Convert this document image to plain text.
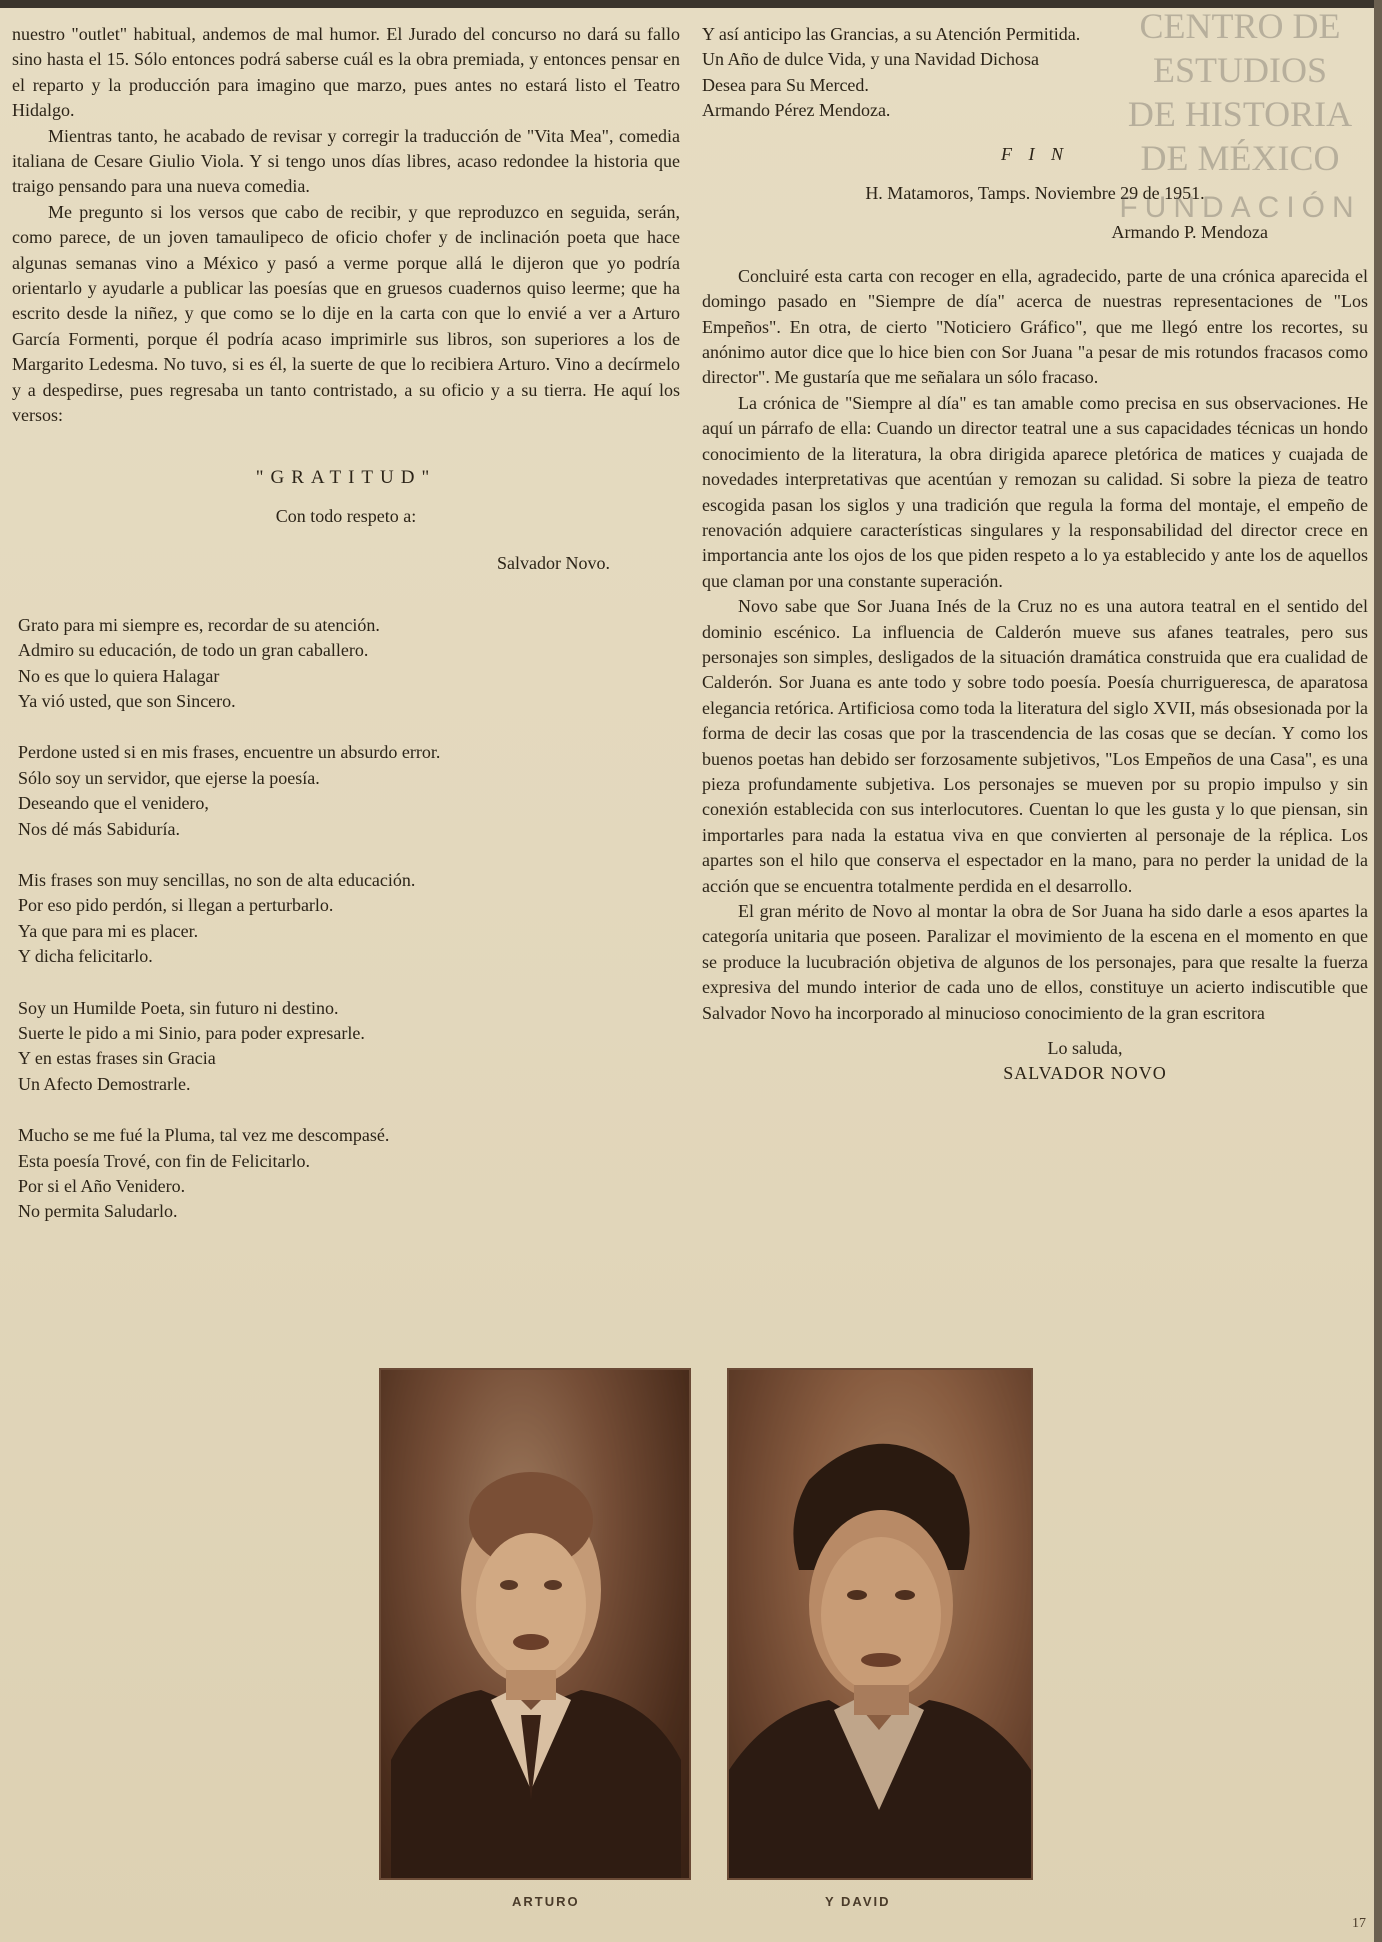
nuestro "outlet" habitual, andemos de mal humor. El Jurado del concurso no dará su fallo sino hasta el 15. Sólo entonces podrá saberse cuál es la obra premiada, y entonces pensar en el reparto y la producción para imagino que marzo, pues antes no estará listo el Teatro Hidalgo.

Mientras tanto, he acabado de revisar y corregir la traducción de "Vita Mea", comedia italiana de Cesare Giulio Viola. Y si tengo unos días libres, acaso redondee la historia que traigo pensando para una nueva comedia.

Me pregunto si los versos que cabo de recibir, y que reproduzco en seguida, serán, como parece, de un joven tamaulipeco de oficio chofer y de inclinación poeta que hace algunas semanas vino a México y pasó a verme porque allá le dijeron que yo podría orientarlo y ayudarle a publicar las poesías que en gruesos cuadernos quiso leerme; que ha escrito desde la niñez, y que como se lo dije en la carta con que lo envié a ver a Arturo García Formenti, porque él podría acaso imprimirle sus libros, son superiores a los de Margarito Ledesma. No tuvo, si es él, la suerte de que lo recibiera Arturo. Vino a decírmelo y a despedirse, pues regresaba un tanto contristado, a su oficio y a su tierra. He aquí los versos:

"GRATITUD"
Con todo respeto a:
Salvador Novo.
Grato para mi siempre es, recordar de su atención.
Admiro su educación, de todo un gran caballero.
No es que lo quiera Halagar
Ya vió usted, que son Sincero.
Perdone usted si en mis frases, encuentre un absurdo error.
Sólo soy un servidor, que ejerse la poesía.
Deseando que el venidero,
Nos dé más Sabiduría.
Mis frases son muy sencillas, no son de alta educación.
Por eso pido perdón, si llegan a perturbarlo.
Ya que para mi es placer.
Y dicha felicitarlo.
Soy un Humilde Poeta, sin futuro ni destino.
Suerte le pido a mi Sinio, para poder expresarle.
Y en estas frases sin Gracia
Un Afecto Demostrarle.
Mucho se me fué la Pluma, tal vez me descompasé.
Esta poesía Trové, con fin de Felicitarlo.
Por si el Año Venidero.
No permita Saludarlo.
Y así anticipo las Grancias, a su Atención Permitida.
Un Año de dulce Vida, y una Navidad Dichosa
Desea para Su Merced.
Armando Pérez Mendoza.
F I N
H. Matamoros, Tamps. Noviembre 29 de 1951.
Armando P. Mendoza

Concluiré esta carta con recoger en ella, agradecido, parte de una crónica aparecida el domingo pasado en "Siempre de día" acerca de nuestras representaciones de "Los Empeños". En otra, de cierto "Noticiero Gráfico", que me llegó entre los recortes, su anónimo autor dice que lo hice bien con Sor Juana "a pesar de mis rotundos fracasos como director". Me gustaría que me señalara un sólo fracaso.

La crónica de "Siempre al día" es tan amable como precisa en sus observaciones. He aquí un párrafo de ella: Cuando un director teatral une a sus capacidades técnicas un hondo conocimiento de la literatura, la obra dirigida aparece pletórica de matices y cuajada de novedades interpretativas que acentúan y remozan su calidad. Si sobre la pieza de teatro escogida pasan los siglos y una tradición que regula la forma del montaje, el empeño de renovación adquiere características singulares y la responsabilidad del director crece en importancia ante los ojos de los que piden respeto a lo ya establecido y ante los de aquellos que claman por una constante superación.

Novo sabe que Sor Juana Inés de la Cruz no es una autora teatral en el sentido del dominio escénico. La influencia de Calderón mueve sus afanes teatrales, pero sus personajes son simples, desligados de la situación dramática construida que era cualidad de Calderón. Sor Juana es ante todo y sobre todo poesía. Poesía churrigueresca, de aparatosa elegancia retórica. Artificiosa como toda la literatura del siglo XVII, más obsesionada por la forma de decir las cosas que por la trascendencia de las cosas que se decían. Y como los buenos poetas han debido ser forzosamente subjetivos, "Los Empeños de una Casa", es una pieza profundamente subjetiva. Los personajes se mueven por su propio impulso y sin conexión establecida con sus interlocutores. Cuentan lo que les gusta y lo que piensan, sin importarles para nada la estatua viva en que convierten al personaje de la réplica. Los apartes son el hilo que conserva el espectador en la mano, para no perder la unidad de la acción que se encuentra totalmente perdida en el desarrollo.

El gran mérito de Novo al montar la obra de Sor Juana ha sido darle a esos apartes la categoría unitaria que poseen. Paralizar el movimiento de la escena en el momento en que se produce la lucubración objetiva de algunos de los personajes, para que resalte la fuerza expresiva del mundo interior de cada uno de ellos, constituye un acierto indiscutible que Salvador Novo ha incorporado al minucioso conocimiento de la gran escritora

Lo saluda,
SALVADOR NOVO
CENTRO DE
ESTUDIOS
DE HISTORIA
DE MÉXICO
FUNDACIÓN
ARTURO	Y DAVID
17
